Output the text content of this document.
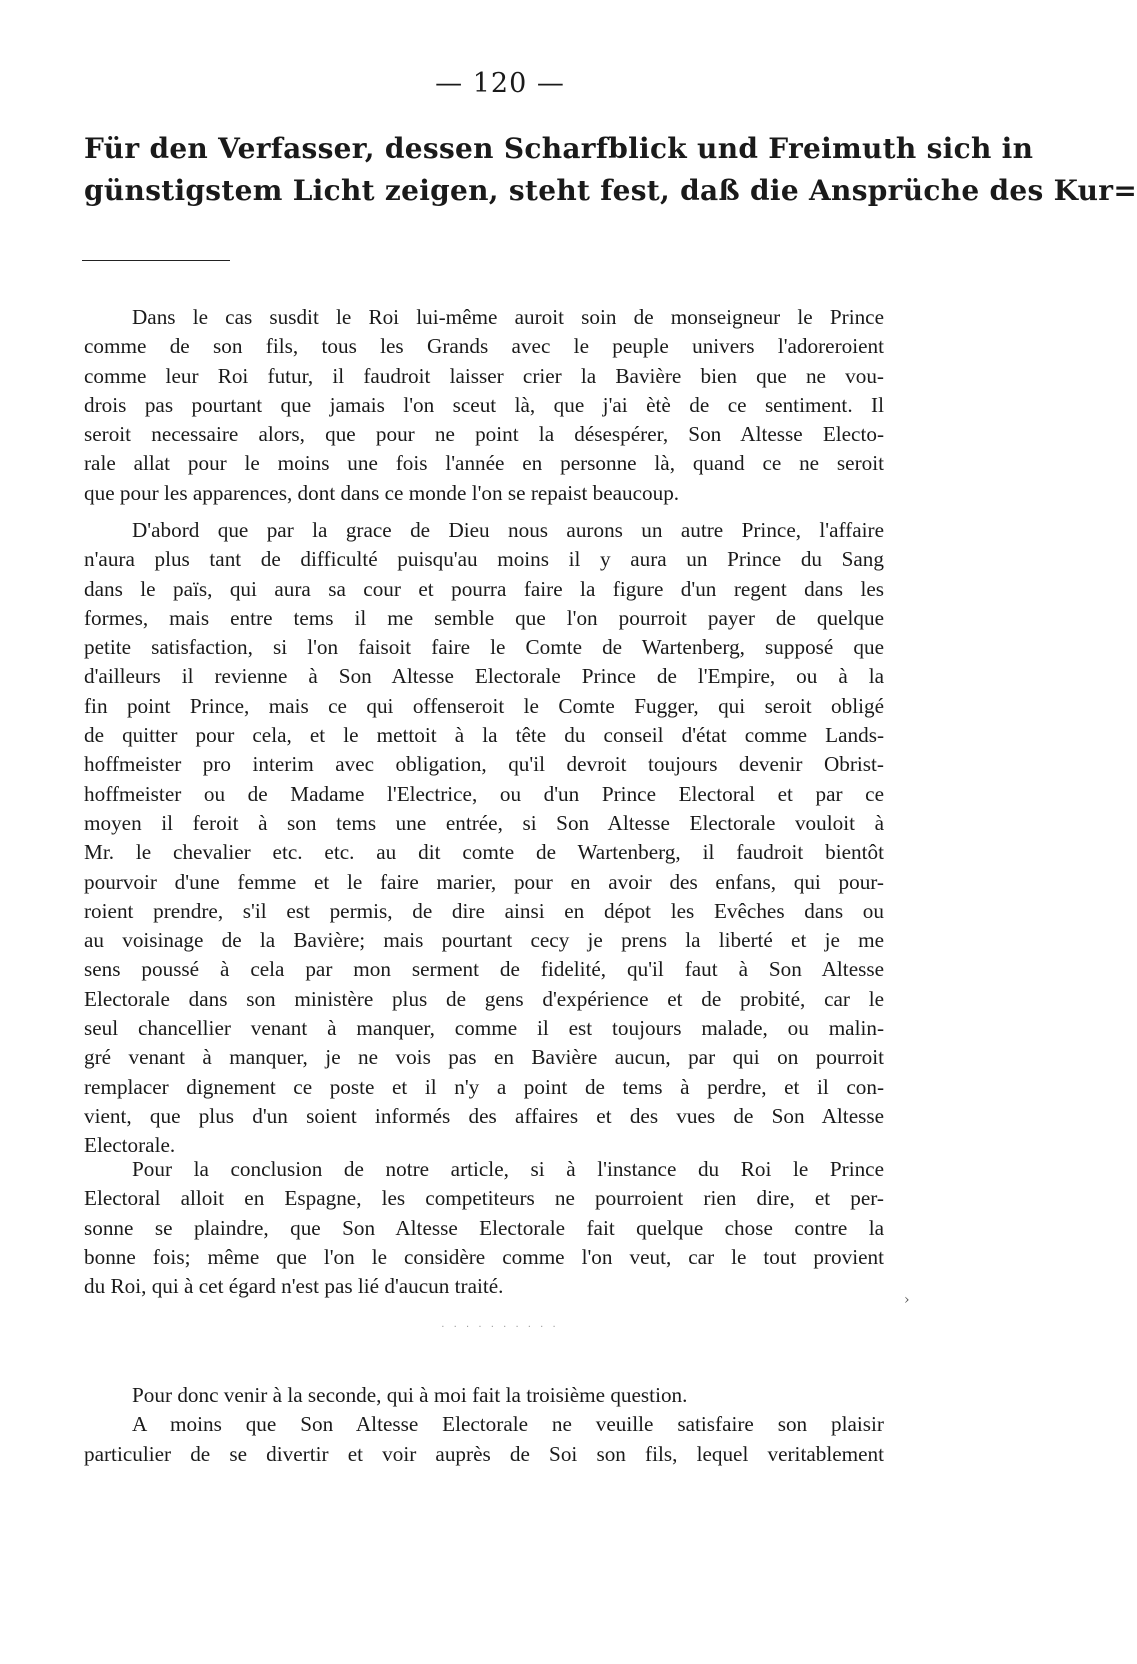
— 120 —
Für den Verfasser, dessen Scharfblick und Freimuth sich in
günstigstem Licht zeigen, steht fest, daß die Ansprüche des Kur=
Dans le cas susdit le Roi lui-même auroit soin de monseigneur le Prince
comme de son fils, tous les Grands avec le peuple univers l'adoreroient
comme leur Roi futur, il faudroit laisser crier la Bavière bien que ne vou-
drois pas pourtant que jamais l'on sceut là, que j'ai ètè de ce sentiment. Il
seroit necessaire alors, que pour ne point la désespérer, Son Altesse Electo-
rale allat pour le moins une fois l'année en personne là, quand ce ne seroit
que pour les apparences, dont dans ce monde l'on se repaist beaucoup.
D'abord que par la grace de Dieu nous aurons un autre Prince, l'affaire
n'aura plus tant de difficulté puisqu'au moins il y aura un Prince du Sang
dans le païs, qui aura sa cour et pourra faire la figure d'un regent dans les
formes, mais entre tems il me semble que l'on pourroit payer de quelque
petite satisfaction, si l'on faisoit faire le Comte de Wartenberg, supposé que
d'ailleurs il revienne à Son Altesse Electorale Prince de l'Empire, ou à la
fin point Prince, mais ce qui offenseroit le Comte Fugger, qui seroit obligé
de quitter pour cela, et le mettoit à la tête du conseil d'état comme Lands-
hoffmeister pro interim avec obligation, qu'il devroit toujours devenir Obrist-
hoffmeister ou de Madame l'Electrice, ou d'un Prince Electoral et par ce
moyen il feroit à son tems une entrée, si Son Altesse Electorale vouloit à
Mr. le chevalier etc. etc. au dit comte de Wartenberg, il faudroit bientôt
pourvoir d'une femme et le faire marier, pour en avoir des enfans, qui pour-
roient prendre, s'il est permis, de dire ainsi en dépot les Evêches dans ou
au voisinage de la Bavière; mais pourtant cecy je prens la liberté et je me
sens poussé à cela par mon serment de fidelité, qu'il faut à Son Altesse
Electorale dans son ministère plus de gens d'expérience et de probité, car le
seul chancellier venant à manquer, comme il est toujours malade, ou malin-
gré venant à manquer, je ne vois pas en Bavière aucun, par qui on pourroit
remplacer dignement ce poste et il n'y a point de tems à perdre, et il con-
vient, que plus d'un soient informés des affaires et des vues de Son Altesse
Electorale.
Pour la conclusion de notre article, si à l'instance du Roi le Prince
Electoral alloit en Espagne, les competiteurs ne pourroient rien dire, et per-
sonne se plaindre, que Son Altesse Electorale fait quelque chose contre la
bonne fois; même que l'on le considère comme l'on veut, car le tout provient
du Roi, qui à cet égard n'est pas lié d'aucun traité.
›
· · · · · · · · · ·
Pour donc venir à la seconde, qui à moi fait la troisième question.
A moins que Son Altesse Electorale ne veuille satisfaire son plaisir
particulier de se divertir et voir auprès de Soi son fils, lequel veritablement
